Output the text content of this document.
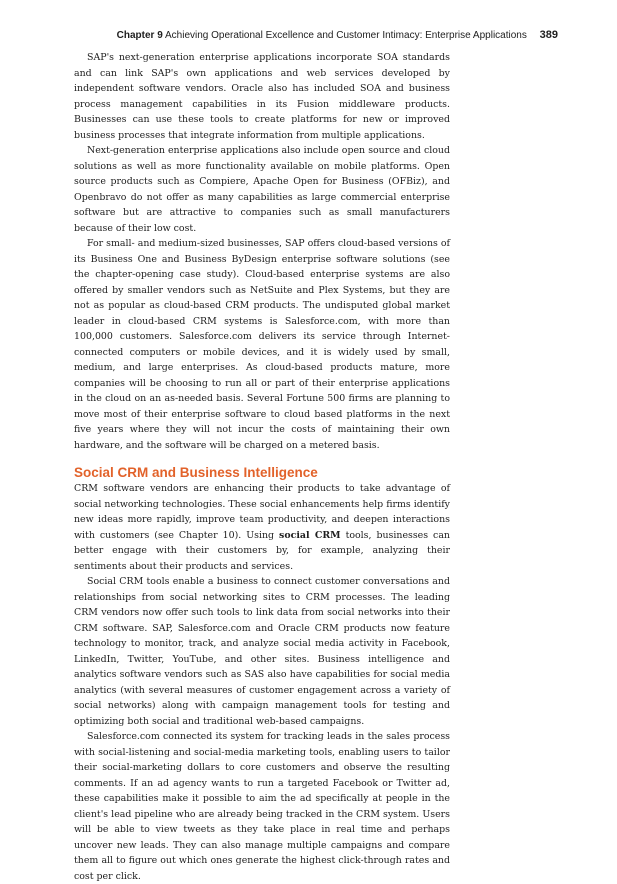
Chapter 9 Achieving Operational Excellence and Customer Intimacy: Enterprise Applications 389

SAP's next-generation enterprise applications incorporate SOA standards and can link SAP's own applications and web services developed by independent software vendors. Oracle also has included SOA and business process management capabilities in its Fusion middleware products. Businesses can use these tools to create platforms for new or improved business processes that integrate information from multiple applications.

Next-generation enterprise applications also include open source and cloud solutions as well as more functionality available on mobile platforms. Open source products such as Compiere, Apache Open for Business (OFBiz), and Openbravo do not offer as many capabilities as large commercial enterprise software but are attractive to companies such as small manufacturers because of their low cost.

For small- and medium-sized businesses, SAP offers cloud-based versions of its Business One and Business ByDesign enterprise software solutions (see the chapter-opening case study). Cloud-based enterprise systems are also offered by smaller vendors such as NetSuite and Plex Systems, but they are not as popular as cloud-based CRM products. The undisputed global market leader in cloud-based CRM systems is Salesforce.com, with more than 100,000 customers. Salesforce.com delivers its service through Internet-connected computers or mobile devices, and it is widely used by small, medium, and large enterprises. As cloud-based products mature, more companies will be choosing to run all or part of their enterprise applications in the cloud on an as-needed basis. Several Fortune 500 firms are planning to move most of their enterprise software to cloud based platforms in the next five years where they will not incur the costs of maintaining their own hardware, and the software will be charged on a metered basis.

Social CRM and Business Intelligence

CRM software vendors are enhancing their products to take advantage of social networking technologies. These social enhancements help firms identify new ideas more rapidly, improve team productivity, and deepen interactions with customers (see Chapter 10). Using social CRM tools, businesses can better engage with their customers by, for example, analyzing their sentiments about their products and services.

Social CRM tools enable a business to connect customer conversations and relationships from social networking sites to CRM processes. The leading CRM vendors now offer such tools to link data from social networks into their CRM software. SAP, Salesforce.com and Oracle CRM products now feature technology to monitor, track, and analyze social media activity in Facebook, LinkedIn, Twitter, YouTube, and other sites. Business intelligence and analytics software vendors such as SAS also have capabilities for social media analytics (with several measures of customer engagement across a variety of social networks) along with campaign management tools for testing and optimizing both social and traditional web-based campaigns.

Salesforce.com connected its system for tracking leads in the sales process with social-listening and social-media marketing tools, enabling users to tailor their social-marketing dollars to core customers and observe the resulting comments. If an ad agency wants to run a targeted Facebook or Twitter ad, these capabilities make it possible to aim the ad specifically at people in the client's lead pipeline who are already being tracked in the CRM system. Users will be able to view tweets as they take place in real time and perhaps uncover new leads. They can also manage multiple campaigns and compare them all to figure out which ones generate the highest click-through rates and cost per click.
